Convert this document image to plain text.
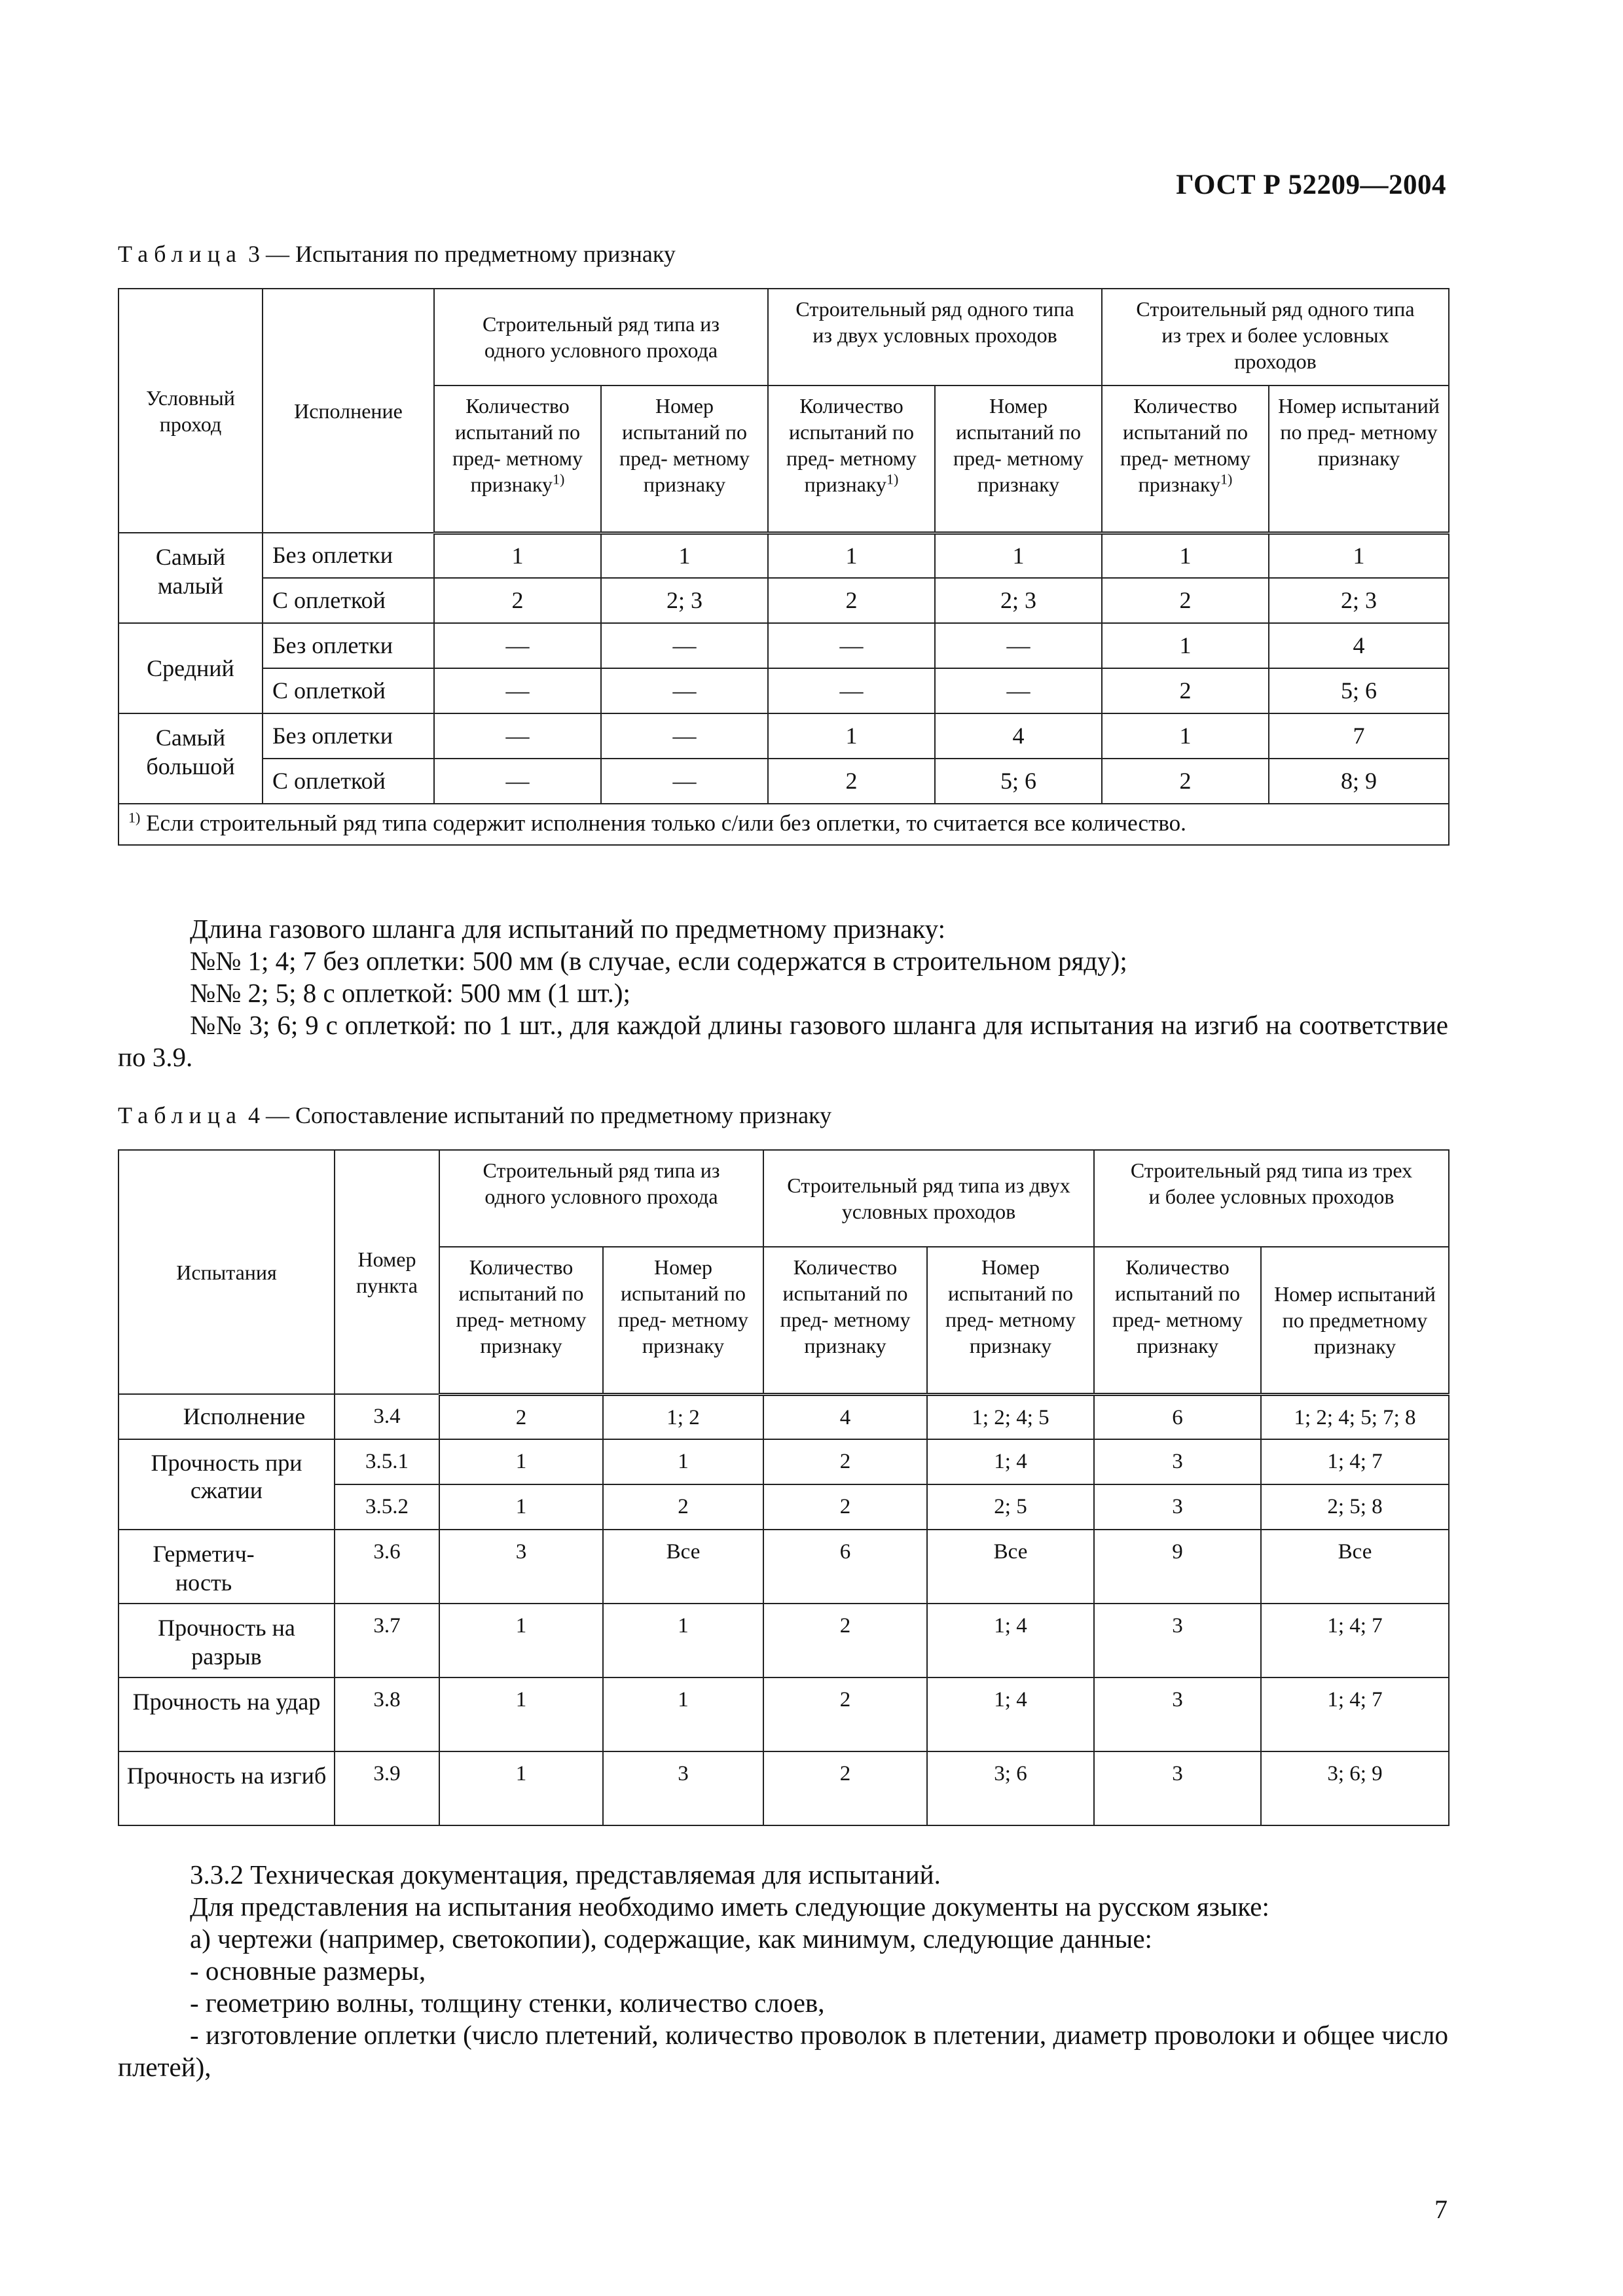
ГОСТ Р 52209—2004
Таблица 3 — Испытания по предметному признаку
Условный проход	Исполнение	Строительный ряд типа из одного условного прохода		Строительный ряд одного типа из двух условных проходов		Строительный ряд одного типа из трех и более условных проходов	
		Количество испытаний по пред- метному признаку$^{1)}$	Номер испытаний по пред- метному признаку	Количество испытаний по пред- метному признаку$^{1)}$	Номер испытаний по пред- метному признаку	Количество испытаний по пред- метному признаку$^{1)}$	Номер испытаний по пред- метному признаку
Самый малый	Без оплетки	1	1	1	1	1	1
	С оплеткой	2	2; 3	2	2; 3	2	2; 3
Средний	Без оплетки	—	—	—	—	1	4
	С оплеткой	—	—	—	—	2	5; 6
Самый большой	Без оплетки	—	—	1	4	1	7
	С оплеткой	—	—	2	5; 6	2	8; 9
$^{1)}$ Если строительный ряд типа содержит исполнения только с/или без оплетки, то считается все количество.							
Длина газового шланга для испытаний по предметному признаку:
№№ 1; 4; 7 без оплетки: 500 мм (в случае, если содержатся в строительном ряду);
№№ 2; 5; 8 с оплеткой: 500 мм (1 шт.);
№№ 3; 6; 9 с оплеткой: по 1 шт., для каждой длины газового шланга для испытания на изгиб на соответствие по 3.9.
Таблица 4 — Сопоставление испытаний по предметному признаку
Испытания	Номер пункта	Строительный ряд типа из одного условного прохода		Строительный ряд типа из двух условных проходов		Строительный ряд типа из трех и более условных проходов	
		Количество испытаний по пред- метному признаку	Номер испытаний по пред- метному признаку	Количество испытаний по пред- метному признаку	Номер испытаний по пред- метному признаку	Количество испытаний по пред- метному признаку	Номер испытаний по предметному признаку
Исполнение	3.4	2	1; 2	4	1; 2; 4; 5	6	1; 2; 4; 5; 7; 8
Прочность при сжатии	3.5.1	1	1	2	1; 4	3	1; 4; 7
	3.5.2	1	2	2	2; 5	3	2; 5; 8
Герметич- ность	3.6	3	Все	6	Все	9	Все
Прочность на разрыв	3.7	1	1	2	1; 4	3	1; 4; 7
Прочность на удар	3.8	1	1	2	1; 4	3	1; 4; 7
Прочность на изгиб	3.9	1	3	2	3; 6	3	3; 6; 9
3.3.2 Техническая документация, представляемая для испытаний.
Для представления на испытания необходимо иметь следующие документы на русском языке:
а) чертежи (например, светокопии), содержащие, как минимум, следующие данные:
- основные размеры,
- геометрию волны, толщину стенки, количество слоев,
- изготовление оплетки (число плетений, количество проволок в плетении, диаметр проволоки и общее число плетей),
7
